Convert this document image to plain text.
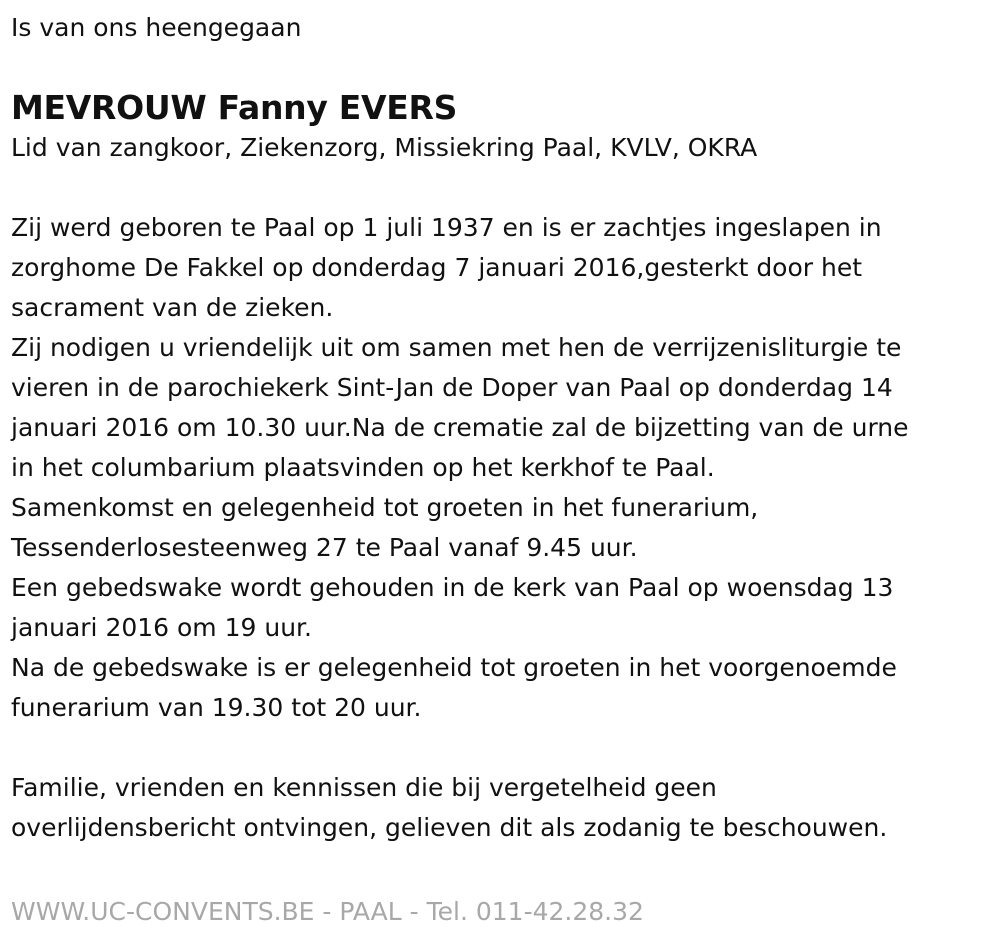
Is van ons heengegaan
MEVROUW Fanny EVERS
Lid van zangkoor, Ziekenzorg, Missiekring Paal, KVLV, OKRA
Zij werd geboren te Paal op 1 juli 1937 en is er zachtjes ingeslapen in
zorghome De Fakkel op donderdag 7 januari 2016,gesterkt door het
sacrament van de zieken.
Zij nodigen u vriendelijk uit om samen met hen de verrijzenisliturgie te
vieren in de parochiekerk Sint-Jan de Doper van Paal op donderdag 14
januari 2016 om 10.30 uur.Na de crematie zal de bijzetting van de urne
in het columbarium plaatsvinden op het kerkhof te Paal.
Samenkomst en gelegenheid tot groeten in het funerarium,
Tessenderlosesteenweg 27 te Paal vanaf 9.45 uur.
Een gebedswake wordt gehouden in de kerk van Paal op woensdag 13
januari 2016 om 19 uur.
Na de gebedswake is er gelegenheid tot groeten in het voorgenoemde
funerarium van 19.30 tot 20 uur.
Familie, vrienden en kennissen die bij vergetelheid geen
overlijdensbericht ontvingen, gelieven dit als zodanig te beschouwen.
WWW.UC-CONVENTS.BE - PAAL - Tel. 011-42.28.32
